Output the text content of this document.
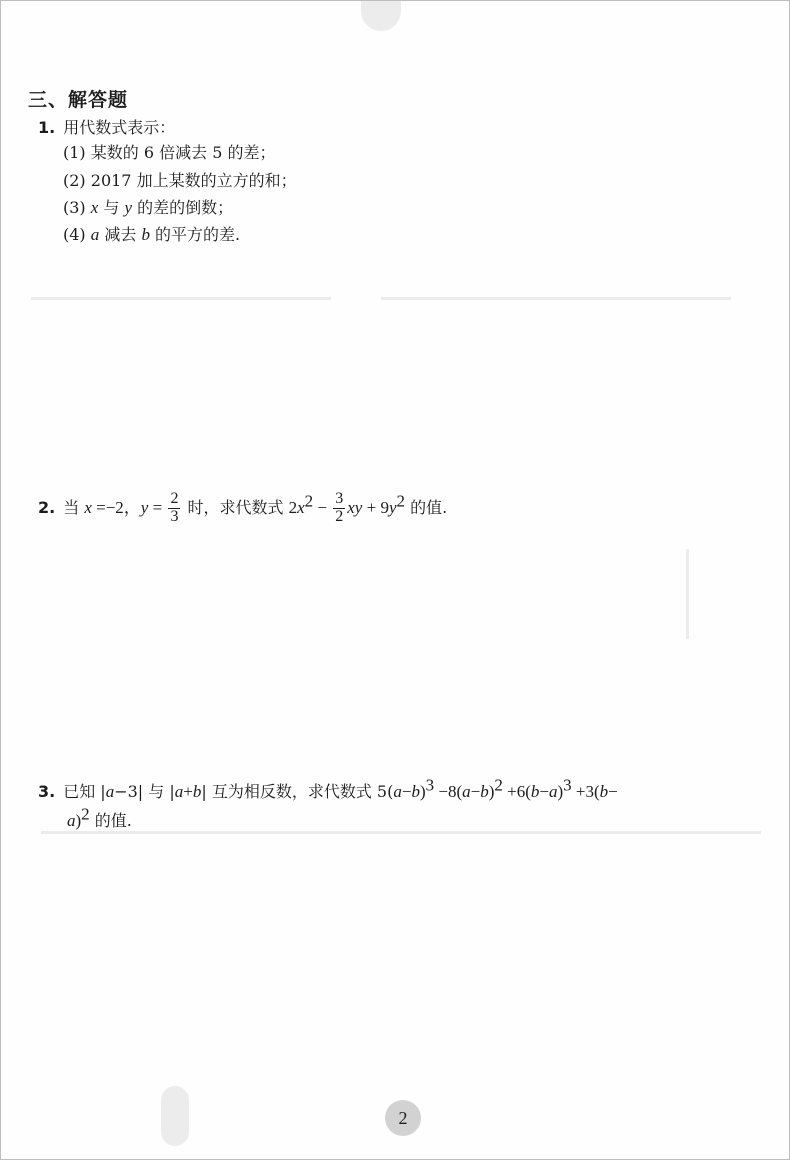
三、解答题
1. 用代数式表示：
(1) 某数的 6 倍减去 5 的差；
(2) 2017 加上某数的立方的和；
(3) x 与 y 的差的倒数；
(4) a 减去 b 的平方的差.
2. 当 x =−2，$y = \frac{2}{3}$ 时，求代数式 $2x^2 - \frac{3}{2}$ xy + $9y^2$ 的值.
3. 已知 |a−3| 与 |a+b| 互为相反数，求代数式 $5(a-b)^3 -8(a-b)^2 +6(b-a)^3 +3(b-$
a)$^2$ 的值.
2
